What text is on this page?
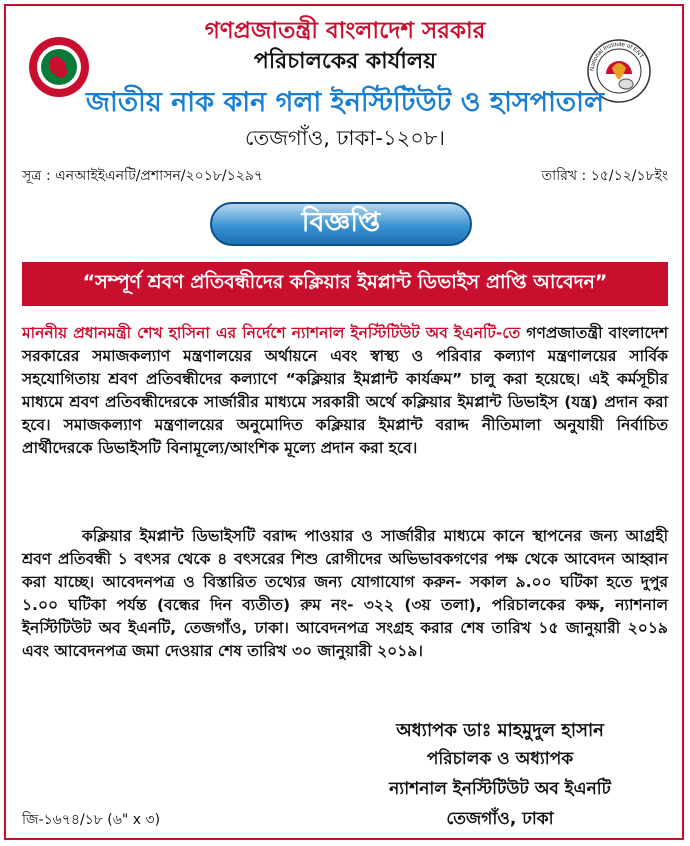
National Institute of ENT
গণপ্রজাতন্ত্রী বাংলাদেশ সরকার
পরিচালকের কার্যালয়
জাতীয় নাক কান গলা ইনস্টিটিউট ও হাসপাতাল
তেজগাঁও, ঢাকা-১২০৮।
সূত্র : এনআইইএনটি/প্রশাসন/২০১৮/১২৯৭	তারিখ : ১৫/১২/১৮ইং
বিজ্ঞপ্তি
“সম্পূর্ণ শ্রবণ প্রতিবন্ধীদের কক্লিয়ার ইমপ্লান্ট ডিভাইস প্রাপ্তি আবেদন”
মাননীয় প্রধানমন্ত্রী শেখ হাসিনা এর নির্দেশে ন্যাশনাল ইনস্টিটিউট অব ইএনটি-তে গণপ্রজাতন্ত্রী বাংলাদেশ সরকারের সমাজকল্যাণ মন্ত্রণালয়ের অর্থায়নে এবং স্বাস্থ্য ও পরিবার কল্যাণ মন্ত্রণালয়ের সার্বিক সহযোগিতায় শ্রবণ প্রতিবন্ধীদের কল্যাণে “কক্লিয়ার ইমপ্লান্ট কার্যক্রম” চালু করা হয়েছে। এই কর্মসূচীর মাধ্যমে শ্রবণ প্রতিবন্ধীদেরকে সার্জারীর মাধ্যমে সরকারী অর্থে কক্লিয়ার ইমপ্লান্ট ডিভাইস (যন্ত্র) প্রদান করা হবে। সমাজকল্যাণ মন্ত্রণালয়ের অনুমোদিত কক্লিয়ার ইমপ্লান্ট বরাদ্দ নীতিমালা অনুযায়ী নির্বাচিত প্রার্থীদেরকে ডিভাইসটি বিনামূল্যে/আংশিক মূল্যে প্রদান করা হবে।
কক্লিয়ার ইমপ্লান্ট ডিভাইসটি বরাদ্দ পাওয়ার ও সার্জারীর মাধ্যমে কানে স্থাপনের জন্য আগ্রহী শ্রবণ প্রতিবন্ধী ১ বৎসর থেকে ৪ বৎসরের শিশু রোগীদের অভিভাবকগণের পক্ষ থেকে আবেদন আহ্বান করা যাচ্ছে। আবেদনপত্র ও বিস্তারিত তথ্যের জন্য যোগাযোগ করুন- সকাল ৯.০০ ঘটিকা হতে দুপুর ১.০০ ঘটিকা পর্যন্ত (বন্ধের দিন ব্যতীত) রুম নং- ৩২২ (৩য় তলা), পরিচালকের কক্ষ, ন্যাশনাল ইনস্টিটিউট অব ইএনটি, তেজগাঁও, ঢাকা। আবেদনপত্র সংগ্রহ করার শেষ তারিখ ১৫ জানুয়ারী ২০১৯ এবং আবেদনপত্র জমা দেওয়ার শেষ তারিখ ৩০ জানুয়ারী ২০১৯।
অধ্যাপক ডাঃ মাহমুদুল হাসান
পরিচালক ও অধ্যাপক
ন্যাশনাল ইনস্টিটিউট অব ইএনটি
তেজগাঁও, ঢাকা
জি-১৬৭৪/১৮ (৬" x ৩)
